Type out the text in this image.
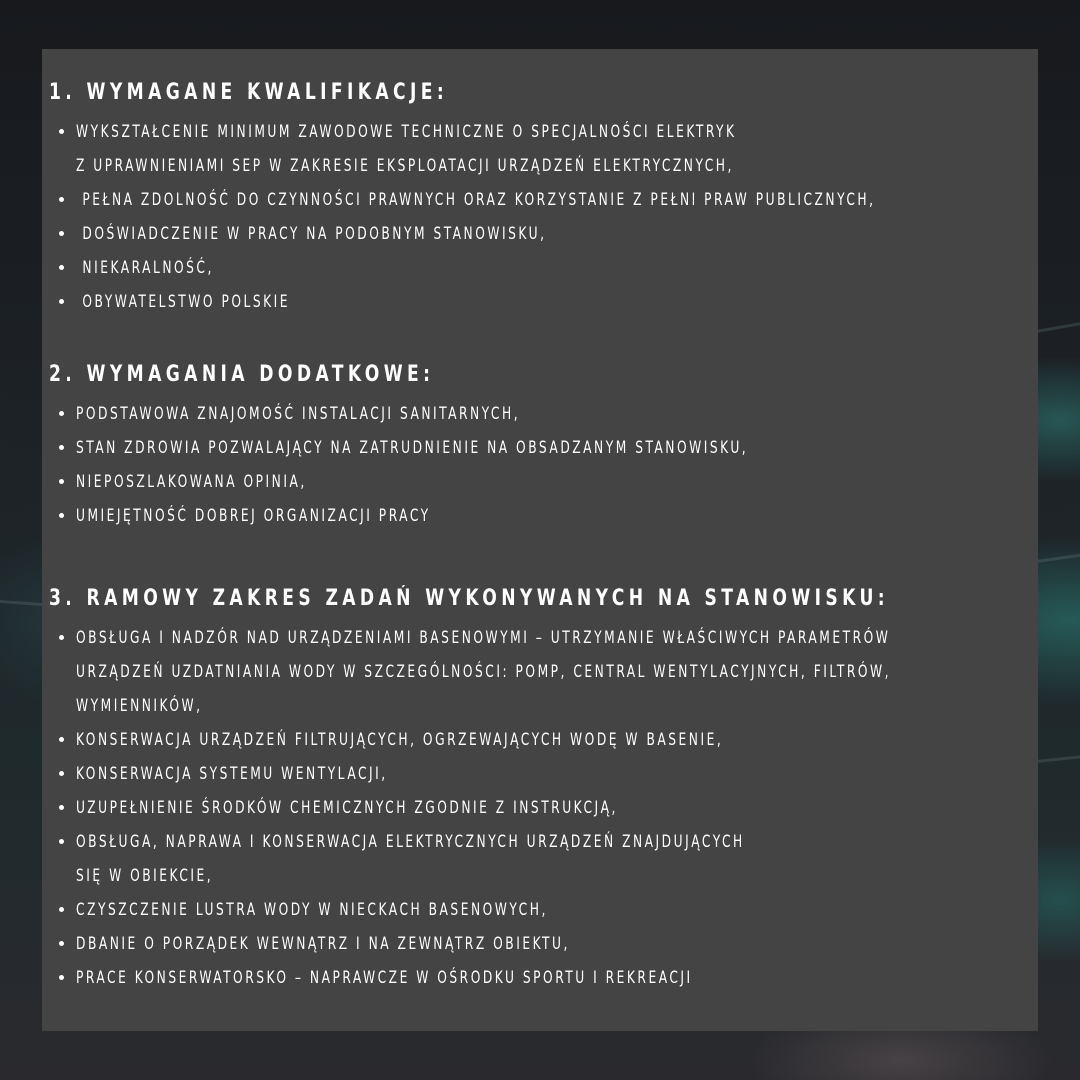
1. WYMAGANE KWALIFIKACJE:
WYKSZTAŁCENIE MINIMUM ZAWODOWE TECHNICZNE O SPECJALNOŚCI ELEKTRYK
Z UPRAWNIENIAMI SEP W ZAKRESIE EKSPLOATACJI URZĄDZEŃ ELEKTRYCZNYCH,
PEŁNA ZDOLNOŚĆ DO CZYNNOŚCI PRAWNYCH ORAZ KORZYSTANIE Z PEŁNI PRAW PUBLICZNYCH,
DOŚWIADCZENIE W PRACY NA PODOBNYM STANOWISKU,
NIEKARALNOŚĆ,
OBYWATELSTWO POLSKIE
2. WYMAGANIA DODATKOWE:
PODSTAWOWA ZNAJOMOŚĆ INSTALACJI SANITARNYCH,
STAN ZDROWIA POZWALAJĄCY NA ZATRUDNIENIE NA OBSADZANYM STANOWISKU,
NIEPOSZLAKOWANA OPINIA,
UMIEJĘTNOŚĆ DOBREJ ORGANIZACJI PRACY
3. RAMOWY ZAKRES ZADAŃ WYKONYWANYCH NA STANOWISKU:
OBSŁUGA I NADZÓR NAD URZĄDZENIAMI BASENOWYMI – UTRZYMANIE WŁAŚCIWYCH PARAMETRÓW
URZĄDZEŃ UZDATNIANIA WODY W SZCZEGÓLNOŚCI: POMP, CENTRAL WENTYLACYJNYCH, FILTRÓW,
WYMIENNIKÓW,
KONSERWACJA URZĄDZEŃ FILTRUJĄCYCH, OGRZEWAJĄCYCH WODĘ W BASENIE,
KONSERWACJA SYSTEMU WENTYLACJI,
UZUPEŁNIENIE ŚRODKÓW CHEMICZNYCH ZGODNIE Z INSTRUKCJĄ,
OBSŁUGA, NAPRAWA I KONSERWACJA ELEKTRYCZNYCH URZĄDZEŃ ZNAJDUJĄCYCH
SIĘ W OBIEKCIE,
CZYSZCZENIE LUSTRA WODY W NIECKACH BASENOWYCH,
DBANIE O PORZĄDEK WEWNĄTRZ I NA ZEWNĄTRZ OBIEKTU,
PRACE KONSERWATORSKO – NAPRAWCZE W OŚRODKU SPORTU I REKREACJI
